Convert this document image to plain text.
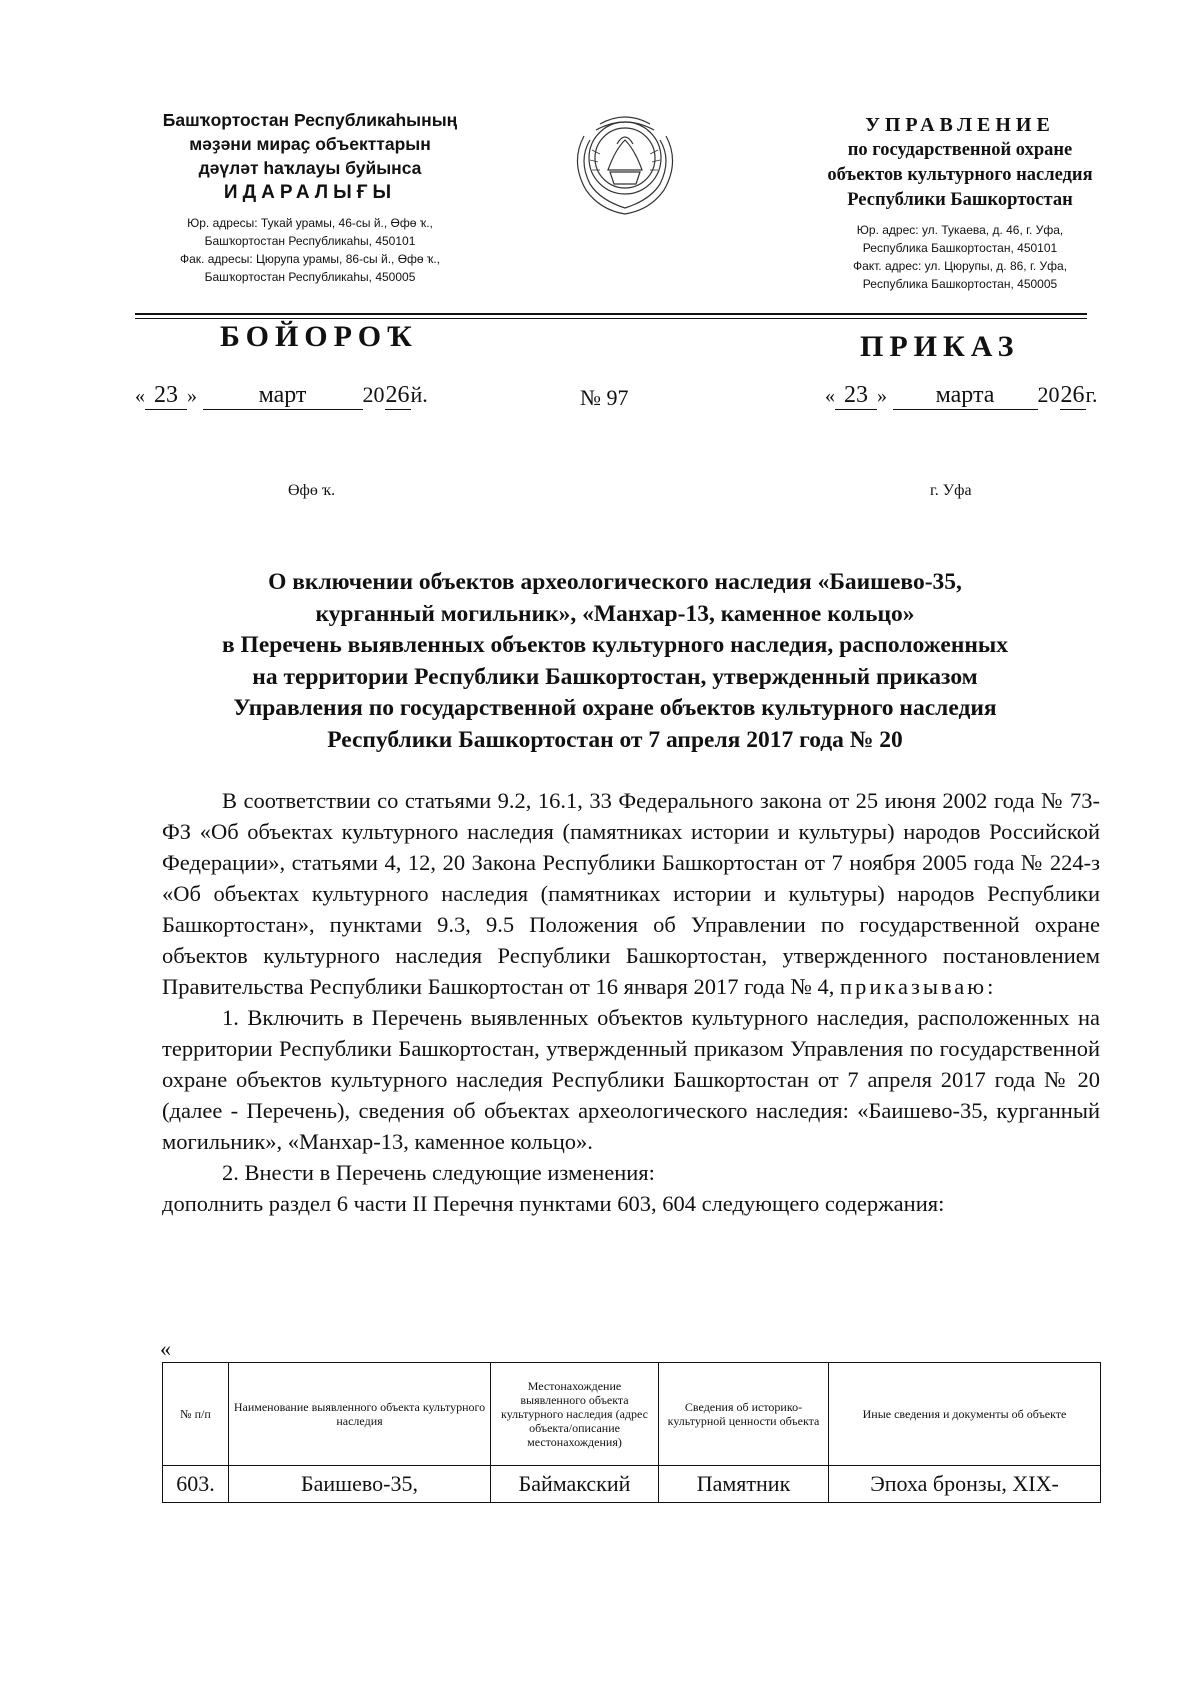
Башҡортостан Республикаһының
мәҙәни мираҫ объекттарын
дәүләт һаҡлауы буйынса
ИДАРАЛЫҒЫ
Юр. адресы: Тукай урамы, 46-сы й., Өфө ҡ.,
Башҡортостан Республикаһы, 450101
Фак. адресы: Цюрупа урамы, 86-сы й., Өфө ҡ.,
Башҡортостан Республикаһы, 450005
УПРАВЛЕНИЕ
по государственной охране
объектов культурного наследия
Республики Башкортостан
Юр. адрес: ул. Тукаева, д. 46, г. Уфа,
Республика Башкортостан, 450101
Факт. адрес: ул. Цюрупы, д. 86, г. Уфа,
Республика Башкортостан, 450005
БОЙОРОҠ	ПРИКАЗ
« 23 »	март	2026й.	№ 97	« 23 » марта 2026г.
Өфө ҡ.	г. Уфа
О включении объектов археологического наследия «Баишево-35,
курганный могильник», «Манхар-13, каменное кольцо»
в Перечень выявленных объектов культурного наследия, расположенных
на территории Республики Башкортостан, утвержденный приказом
Управления по государственной охране объектов культурного наследия
Республики Башкортостан от 7 апреля 2017 года № 20

В соответствии со статьями 9.2, 16.1, 33 Федерального закона от 25 июня 2002 года № 73-ФЗ «Об объектах культурного наследия (памятниках истории и культуры) народов Российской Федерации», статьями 4, 12, 20 Закона Республики Башкортостан от 7 ноября 2005 года № 224-з «Об объектах культурного наследия (памятниках истории и культуры) народов Республики Башкортостан», пунктами 9.3, 9.5 Положения об Управлении по государственной охране объектов культурного наследия Республики Башкортостан, утвержденного постановлением Правительства Республики Башкортостан от 16 января 2017 года № 4, приказываю:

1. Включить в Перечень выявленных объектов культурного наследия, расположенных на территории Республики Башкортостан, утвержденный приказом Управления по государственной охране объектов культурного наследия Республики Башкортостан от 7 апреля 2017 года № 20 (далее - Перечень), сведения об объектах археологического наследия: «Баишево-35, курганный могильник», «Манхар-13, каменное кольцо».

2. Внести в Перечень следующие изменения:

дополнить раздел 6 части II Перечня пунктами 603, 604 следующего содержания:

«
№ п/п	Наименование выявленного объекта культурного наследия	Местонахождение выявленного объекта культурного наследия (адрес объекта/описание местонахождения)	Сведения об историко-культурной ценности объекта	Иные сведения и документы об объекте
603.	Баишево-35,	Баймакский	Памятник	Эпоха бронзы, XIX-
